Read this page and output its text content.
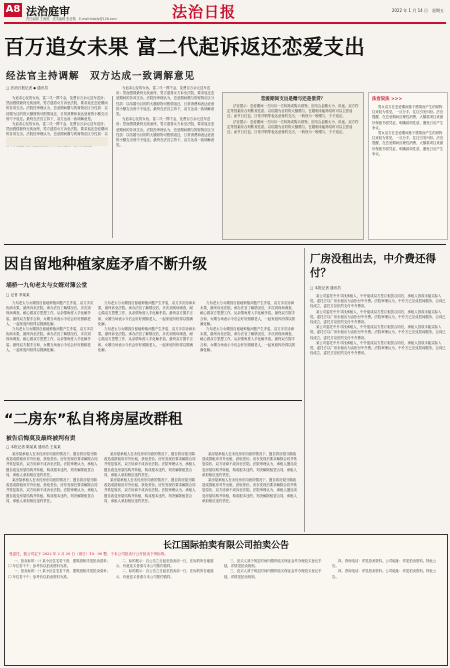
A8 法治庭审
责任编辑 王海燕　美术编辑 张爱敬　E-mail:fzsbfy@126.com	法治日报	2022 年 1 月 14 日　星期五
百万追女未果 富二代起诉返还恋爱支出
经法官主持调解　双方达成一致调解意见
□ 法治日报记者 ◆ 通讯员

为追求心仪的女孩，富二代一掷千金，花费百万余元送车送房；然而感情最终无疾而终，男方遂将女方诉至法院，要求返还恋爱期间的各项支出。法院经审理认为，恋爱期间赠与的财物应区分性质：以结婚为目的的大额财物可酌情返还，日常消费和表达爱意的小额支出则不予返还。最终在法官主持下，双方达成一致调解意见。

为追求心仪的女孩，富二代一掷千金，花费百万余元送车送房；然而感情最终无疾而终，男方遂将女方诉至法院，要求返还恋爱期间的各项支出。法院经审理认为，恋爱期间赠与的财物应区分性质：以

为追求心仪的女孩，富二代一掷千金，花费百万余元送车送房；然而感情最终无疾而终，男方遂将女方诉至法院，要求返还恋爱期间的各项支出。法院经审理认为，恋爱期间赠与的财物应区分性质：以结婚为目的的大额财物可酌情返还，日常消费和表达爱意的小额支出则不予返还。最终在法官主持下，双方达成一致调解意见。

为追求心仪的女孩，富二代一掷千金，花费百万余元送车送房；然而感情最终无疾而终，男方遂将女方诉至法院，要求返还恋爱期间的各项支出。法院经审理认为，恋爱期间赠与的财物应区分性质：以结婚为目的的大额财物可酌情返还，日常消费和表达爱意的小额支出则不予返还。最终在法官主持下，双方达成一致调解意见。

恋爱期间支出是赠与还是借贷？

法官提示：恋爱期间一方向另一方转账或购买财物，应结合金额大小、用途、双方约定等因素综合判断其性质。以结婚为目的的大额赠与，在婚姻未能缔结时可以主张返还；而节日红包、日常开销等表达爱意的支出，一般视为一般赠与，不予返还。

法官提示：恋爱期间一方向另一方转账或购买财物，应结合金额大小、用途、双方约定等因素综合判断其性质。以结婚为目的的大额赠与，在婚姻未能缔结时可以主张返还；而节日红包、日常开销等表达爱意的支出，一般视为一般赠与，不予返还。

法官说法 >>>

男女双方在恋爱期间基于感情而产生的财物往来较为常见，一旦分手，往往引发纠纷。法官提醒，在恋爱期间应理性消费，大额款项往来最好保留书面凭证，明确款项性质，避免日后产生争议。

男女双方在恋爱期间基于感情而产生的财物往来较为常见，一旦分手，往往引发纠纷。法官提醒，在恋爱期间应理性消费，大额款项往来最好保留书面凭证，明确款项性质，避免日后产生争议。

因自留地种植家庭矛盾不断升级
埇桥一九旬老太与女婿对簿公堂
□ 记者 李某某

九旬老太与女婿因自留地种植问题产生矛盾，双方多次协商未果，最终诉至法院。承办法官了解情况后，多次到现场调查，耐心做双方思想工作，从亲情角度入手化解矛盾。最终双方握手言和，女婿当场表示今后会好好照顾老人，一起家庭纠纷得以圆满化解。

九旬老太与女婿因自留地种植问题产生矛盾，双方多次协商未果，最终诉至法院。承办法官了解情况后，多次到现场调查，耐心做双方思想工作，从亲情角度入手化解矛盾。最终双方握手言和，女婿当场表示今后会好好照顾老人，一起家庭纠纷得以圆满化解。

九旬老太与女婿因自留地种植问题产生矛盾，双方多次协商未果，最终诉至法院。承办法官了解情况后，多次到现场调查，耐心做双方思想工作，从亲情角度入手化解矛盾。最终双方握手言和，女婿当场表示今后会好好照顾老人，一起家庭纠纷得以圆满化解。

九旬老太与女婿因自留地种植问题产生矛盾，双方多次协商未果，最终诉至法院。承办法官了解情况后，多次到现场调查，耐心做双方思想工作，从亲情角度入手化解矛盾。最终双方握手言和，女婿当场表示今后会好好照顾老人，一起家庭纠纷得以圆满化解。

九旬老太与女婿因自留地种植问题产生矛盾，双方多次协商未果，最终诉至法院。承办法官了解情况后，多次到现场调查，耐心做双方思想工作，从亲情角度入手化解矛盾。最终双方握手言和，女婿当场表示今后会好好照顾老人，一起家庭纠纷得以圆满化解。

九旬老太与女婿因自留地种植问题产生矛盾，双方多次协商未果，最终诉至法院。承办法官了解情况后，多次到现场调查，耐心做双方思想工作，从亲情角度入手化解矛盾。最终双方握手言和，女婿当场表示今后会好好照顾老人，一起家庭纠纷得以圆满化解。

“二房东”私自将房屋改群租
被告后悔莫及最终被判有责
□ 本报记者 陈某某 通讯员 王某某

某房屋承租人在未经房东同意的情况下，擅自将房屋分隔改造成群租房对外出租，获取差价。房东发现后要求解除合同并恢复原状，双方协商不成诉至法院。法院审理认为，承租人擅自改变房屋结构并转租，构成根本违约，判决解除租赁合同，承租人承担相应违约责任。

某房屋承租人在未经房东同意的情况下，擅自将房屋分隔改造成群租房对外出租，获取差价。房东发现后要求解除合同并恢复原状，双方协商不成诉至法院。法院审理认为，承租人擅自改变房屋结构并转租，构成根本违约，判决解除租赁合同，承租人承担相应违约责任。

某房屋承租人在未经房东同意的情况下，擅自将房屋分隔改造成群租房对外出租，获取差价。房东发现后要求解除合同并恢复原状，双方协商不成诉至法院。法院审理认为，承租人擅自改变房屋结构并转租，构成根本违约，判决解除租赁合同，承租人承担相应违约责任。

某房屋承租人在未经房东同意的情况下，擅自将房屋分隔改造成群租房对外出租，获取差价。房东发现后要求解除合同并恢复原状，双方协商不成诉至法院。法院审理认为，承租人擅自改变房屋结构并转租，构成根本违约，判决解除租赁合同，承租人承担相应违约责任。

某房屋承租人在未经房东同意的情况下，擅自将房屋分隔改造成群租房对外出租，获取差价。房东发现后要求解除合同并恢复原状，双方协商不成诉至法院。法院审理认为，承租人擅自改变房屋结构并转租，构成根本违约，判决解除租赁合同，承租人承担相应违约责任。

某房屋承租人在未经房东同意的情况下，擅自将房屋分隔改造成群租房对外出租，获取差价。房东发现后要求解除合同并恢复原状，双方协商不成诉至法院。法院审理认为，承租人擅自改变房屋结构并转租，构成根本违约，判决解除租赁合同，承租人承担相应违约责任。

厂房没租出去，中介费还得付？
□ 本报记者 通讯员

某公司委托中介寻找承租人，中介促成双方签订租赁合同后，承租人因故未能实际入驻。委托方以厂房未租出为由拒付中介费。法院审理认为，中介方已完成居间服务，合同已经成立，委托方应依约支付中介费用。

某公司委托中介寻找承租人，中介促成双方签订租赁合同后，承租人因故未能实际入驻。委托方以厂房未租出为由拒付中介费。法院审理认为，中介方已完成居间服务，合同已经成立，委托方应依约支付中介费用。

某公司委托中介寻找承租人，中介促成双方签订租赁合同后，承租人因故未能实际入驻。委托方以厂房未租出为由拒付中介费。法院审理认为，中介方已完成居间服务，合同已经成立，委托方应依约支付中介费用。

某公司委托中介寻找承租人，中介促成双方签订租赁合同后，承租人因故未能实际入驻。委托方以厂房未租出为由拒付中介费。法院审理认为，中介方已完成居间服务，合同已经成立，委托方应依约支付中介费用。

长江国际拍卖有限公司拍卖公告
受委托，我公司定于 2022 年 2 月 20 日（周日）10：00 整，于本公司拍卖厅公开拍卖下列标的。

一、拍卖标的：㈠ 某小区住宅若干套，建筑面积详见拍卖清单；㈡ 车位若干个；参考价以拍卖资料为准。

一、拍卖标的：㈠ 某小区住宅若干套，建筑面积详见拍卖清单；㈡ 车位若干个；参考价以拍卖资料为准。

二、标的展示：自公告之日起至拍卖前一日，在标的所在地展示，有意竞买者请与本公司预约看样。

二、标的展示：自公告之日起至拍卖前一日，在标的所在地展示，有意竞买者请与本公司预约看样。

三、竞买人须于规定时间内缴纳竞买保证金并办理竞买登记手续，详情见拍卖规则。

三、竞买人须于规定时间内缴纳竞买保证金并办理竞买登记手续，详情见拍卖规则。

四、咨询电话：详见拍卖资料。公司地址：详见拍卖资料。特此公告。

四、咨询电话：详见拍卖资料。公司地址：详见拍卖资料。特此公告。
